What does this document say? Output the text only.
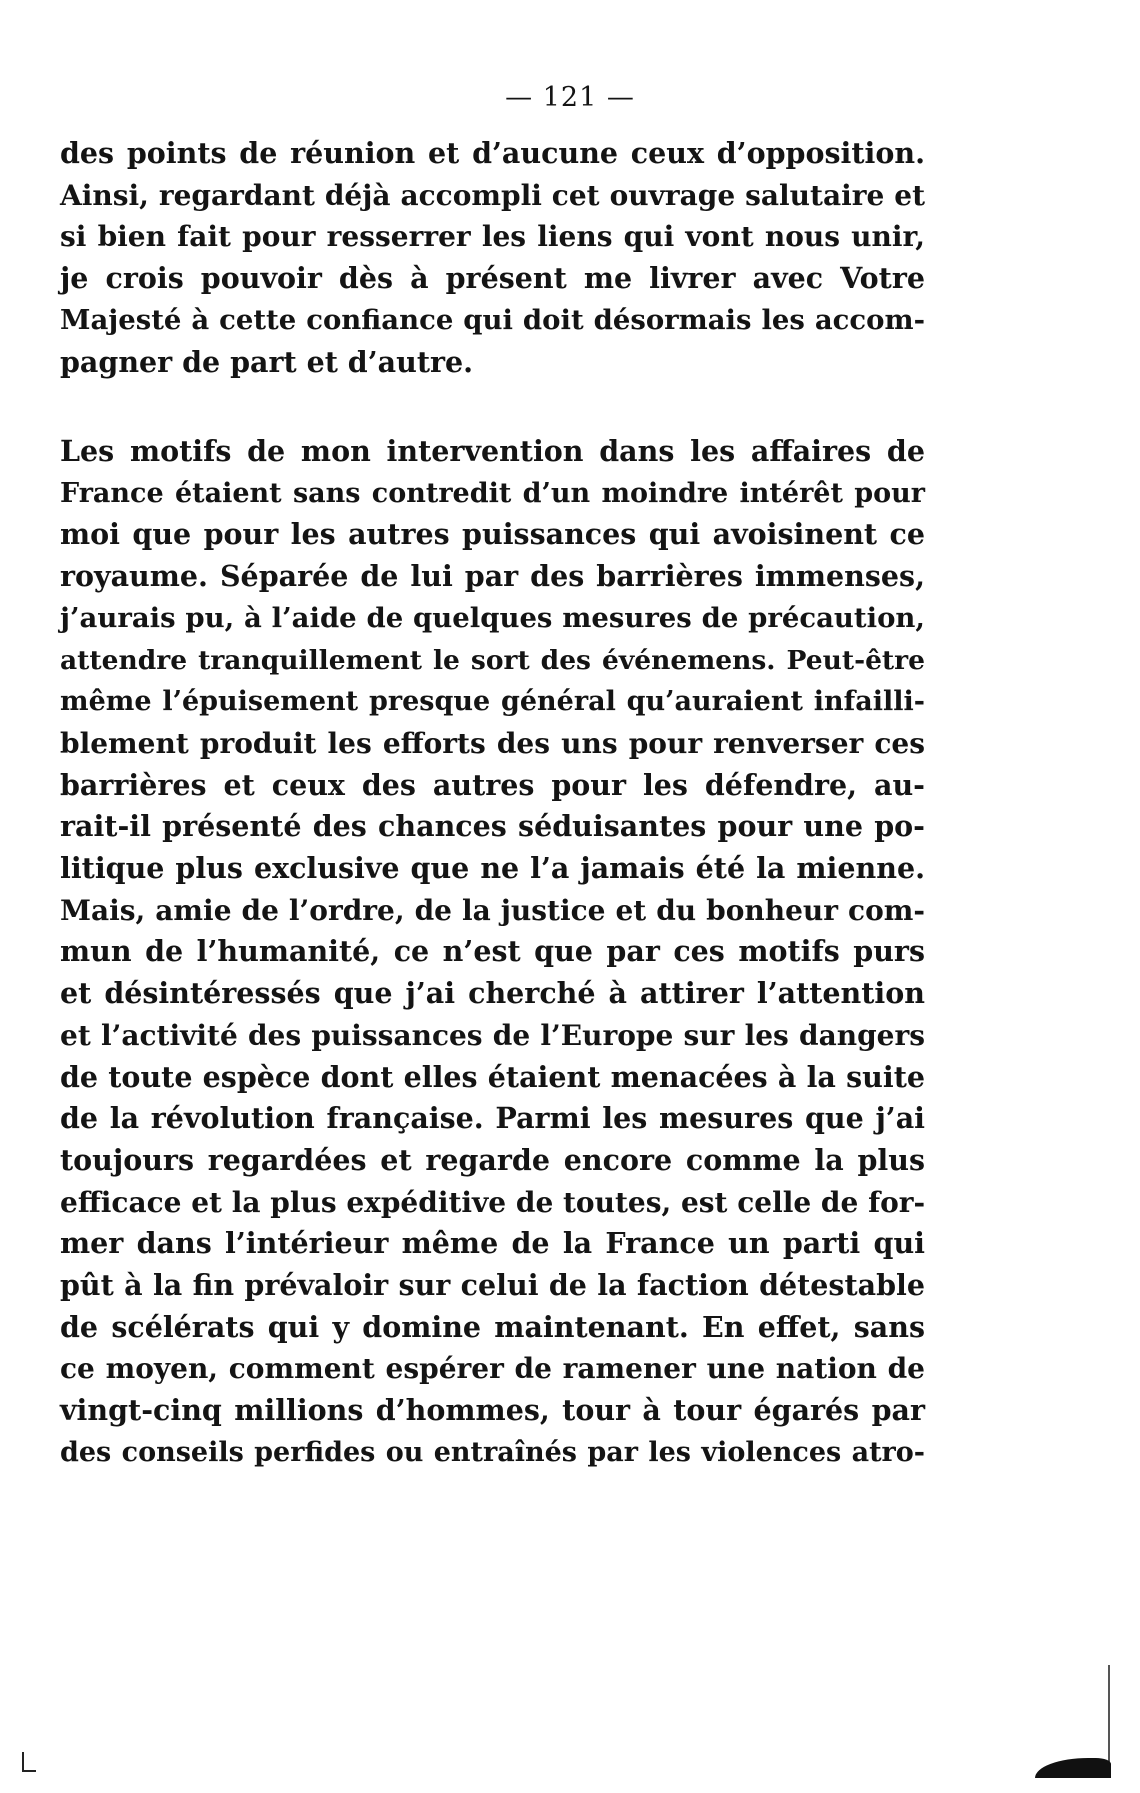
— 121 —
des points de réunion et d’aucune ceux d’opposition.
Ainsi, regardant déjà accompli cet ouvrage salutaire et
si bien fait pour resserrer les liens qui vont nous unir,
je crois pouvoir dès à présent me livrer avec Votre
Majesté à cette confiance qui doit désormais les accom-
pagner de part et d’autre.
Les motifs de mon intervention dans les affaires de
France étaient sans contredit d’un moindre intérêt pour
moi que pour les autres puissances qui avoisinent ce
royaume. Séparée de lui par des barrières immenses,
j’aurais pu, à l’aide de quelques mesures de précaution,
attendre tranquillement le sort des événemens. Peut-être
même l’épuisement presque général qu’auraient infailli-
blement produit les efforts des uns pour renverser ces
barrières et ceux des autres pour les défendre, au-
rait-il présenté des chances séduisantes pour une po-
litique plus exclusive que ne l’a jamais été la mienne.
Mais, amie de l’ordre, de la justice et du bonheur com-
mun de l’humanité, ce n’est que par ces motifs purs
et désintéressés que j’ai cherché à attirer l’attention
et l’activité des puissances de l’Europe sur les dangers
de toute espèce dont elles étaient menacées à la suite
de la révolution française. Parmi les mesures que j’ai
toujours regardées et regarde encore comme la plus
efficace et la plus expéditive de toutes, est celle de for-
mer dans l’intérieur même de la France un parti qui
pût à la fin prévaloir sur celui de la faction détestable
de scélérats qui y domine maintenant. En effet, sans
ce moyen, comment espérer de ramener une nation de
vingt-cinq millions d’hommes, tour à tour égarés par
des conseils perfides ou entraînés par les violences atro-
